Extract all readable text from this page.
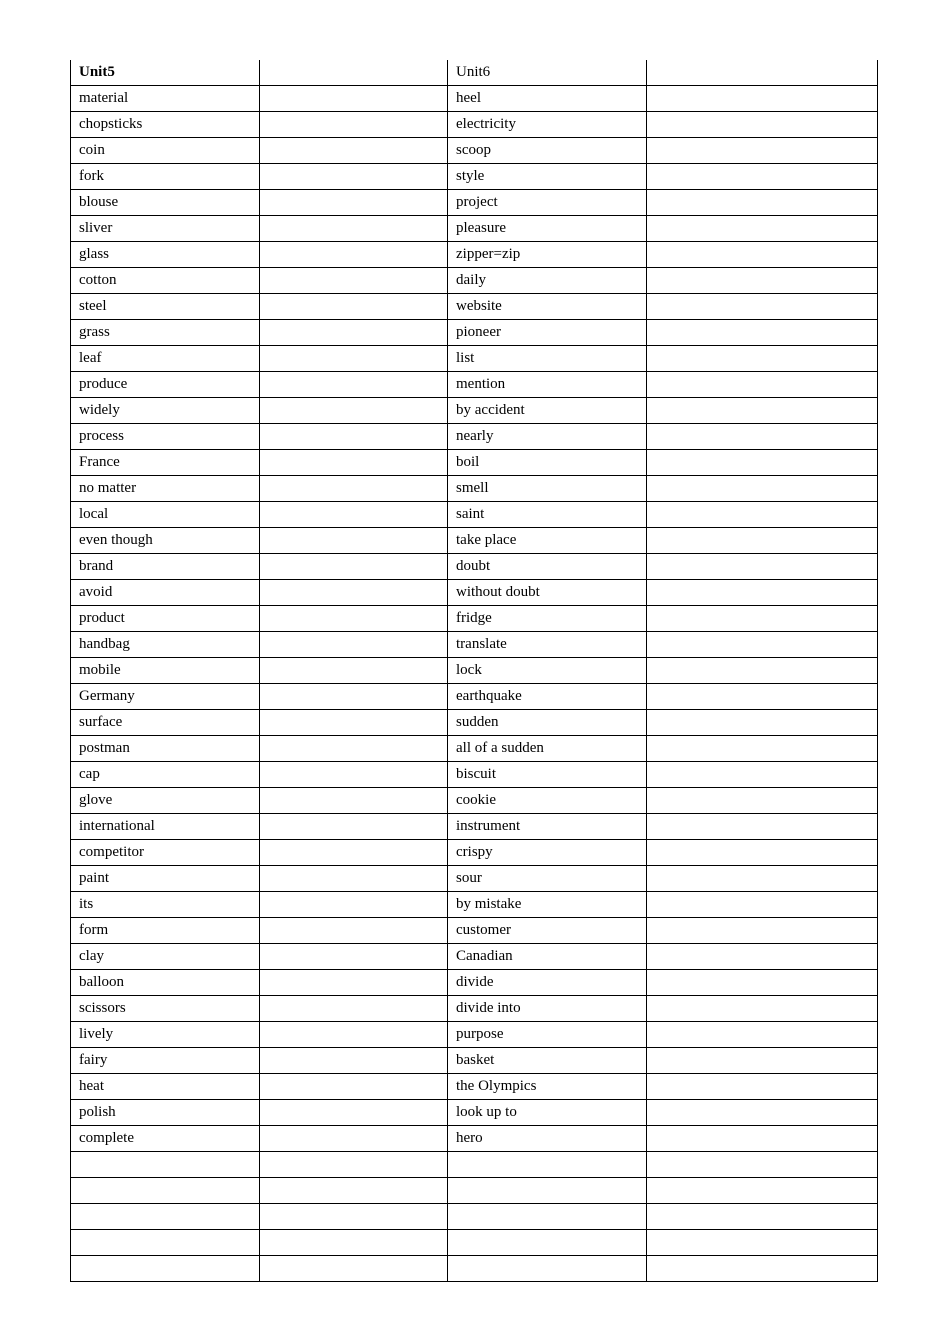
Unit5		Unit6	
material		heel	
chopsticks		electricity	
coin		scoop	
fork		style	
blouse		project	
sliver		pleasure	
glass		zipper=zip	
cotton		daily	
steel		website	
grass		pioneer	
leaf		list	
produce		mention	
widely		by accident	
process		nearly	
France		boil	
no matter		smell	
local		saint	
even though		take place	
brand		doubt	
avoid		without doubt	
product		fridge	
handbag		translate	
mobile		lock	
Germany		earthquake	
surface		sudden	
postman		all of a sudden	
cap		biscuit	
glove		cookie	
international		instrument	
competitor		crispy	
paint		sour	
its		by mistake	
form		customer	
clay		Canadian	
balloon		divide	
scissors		divide into	
lively		purpose	
fairy		basket	
heat		the Olympics	
polish		look up to	
complete		hero	
